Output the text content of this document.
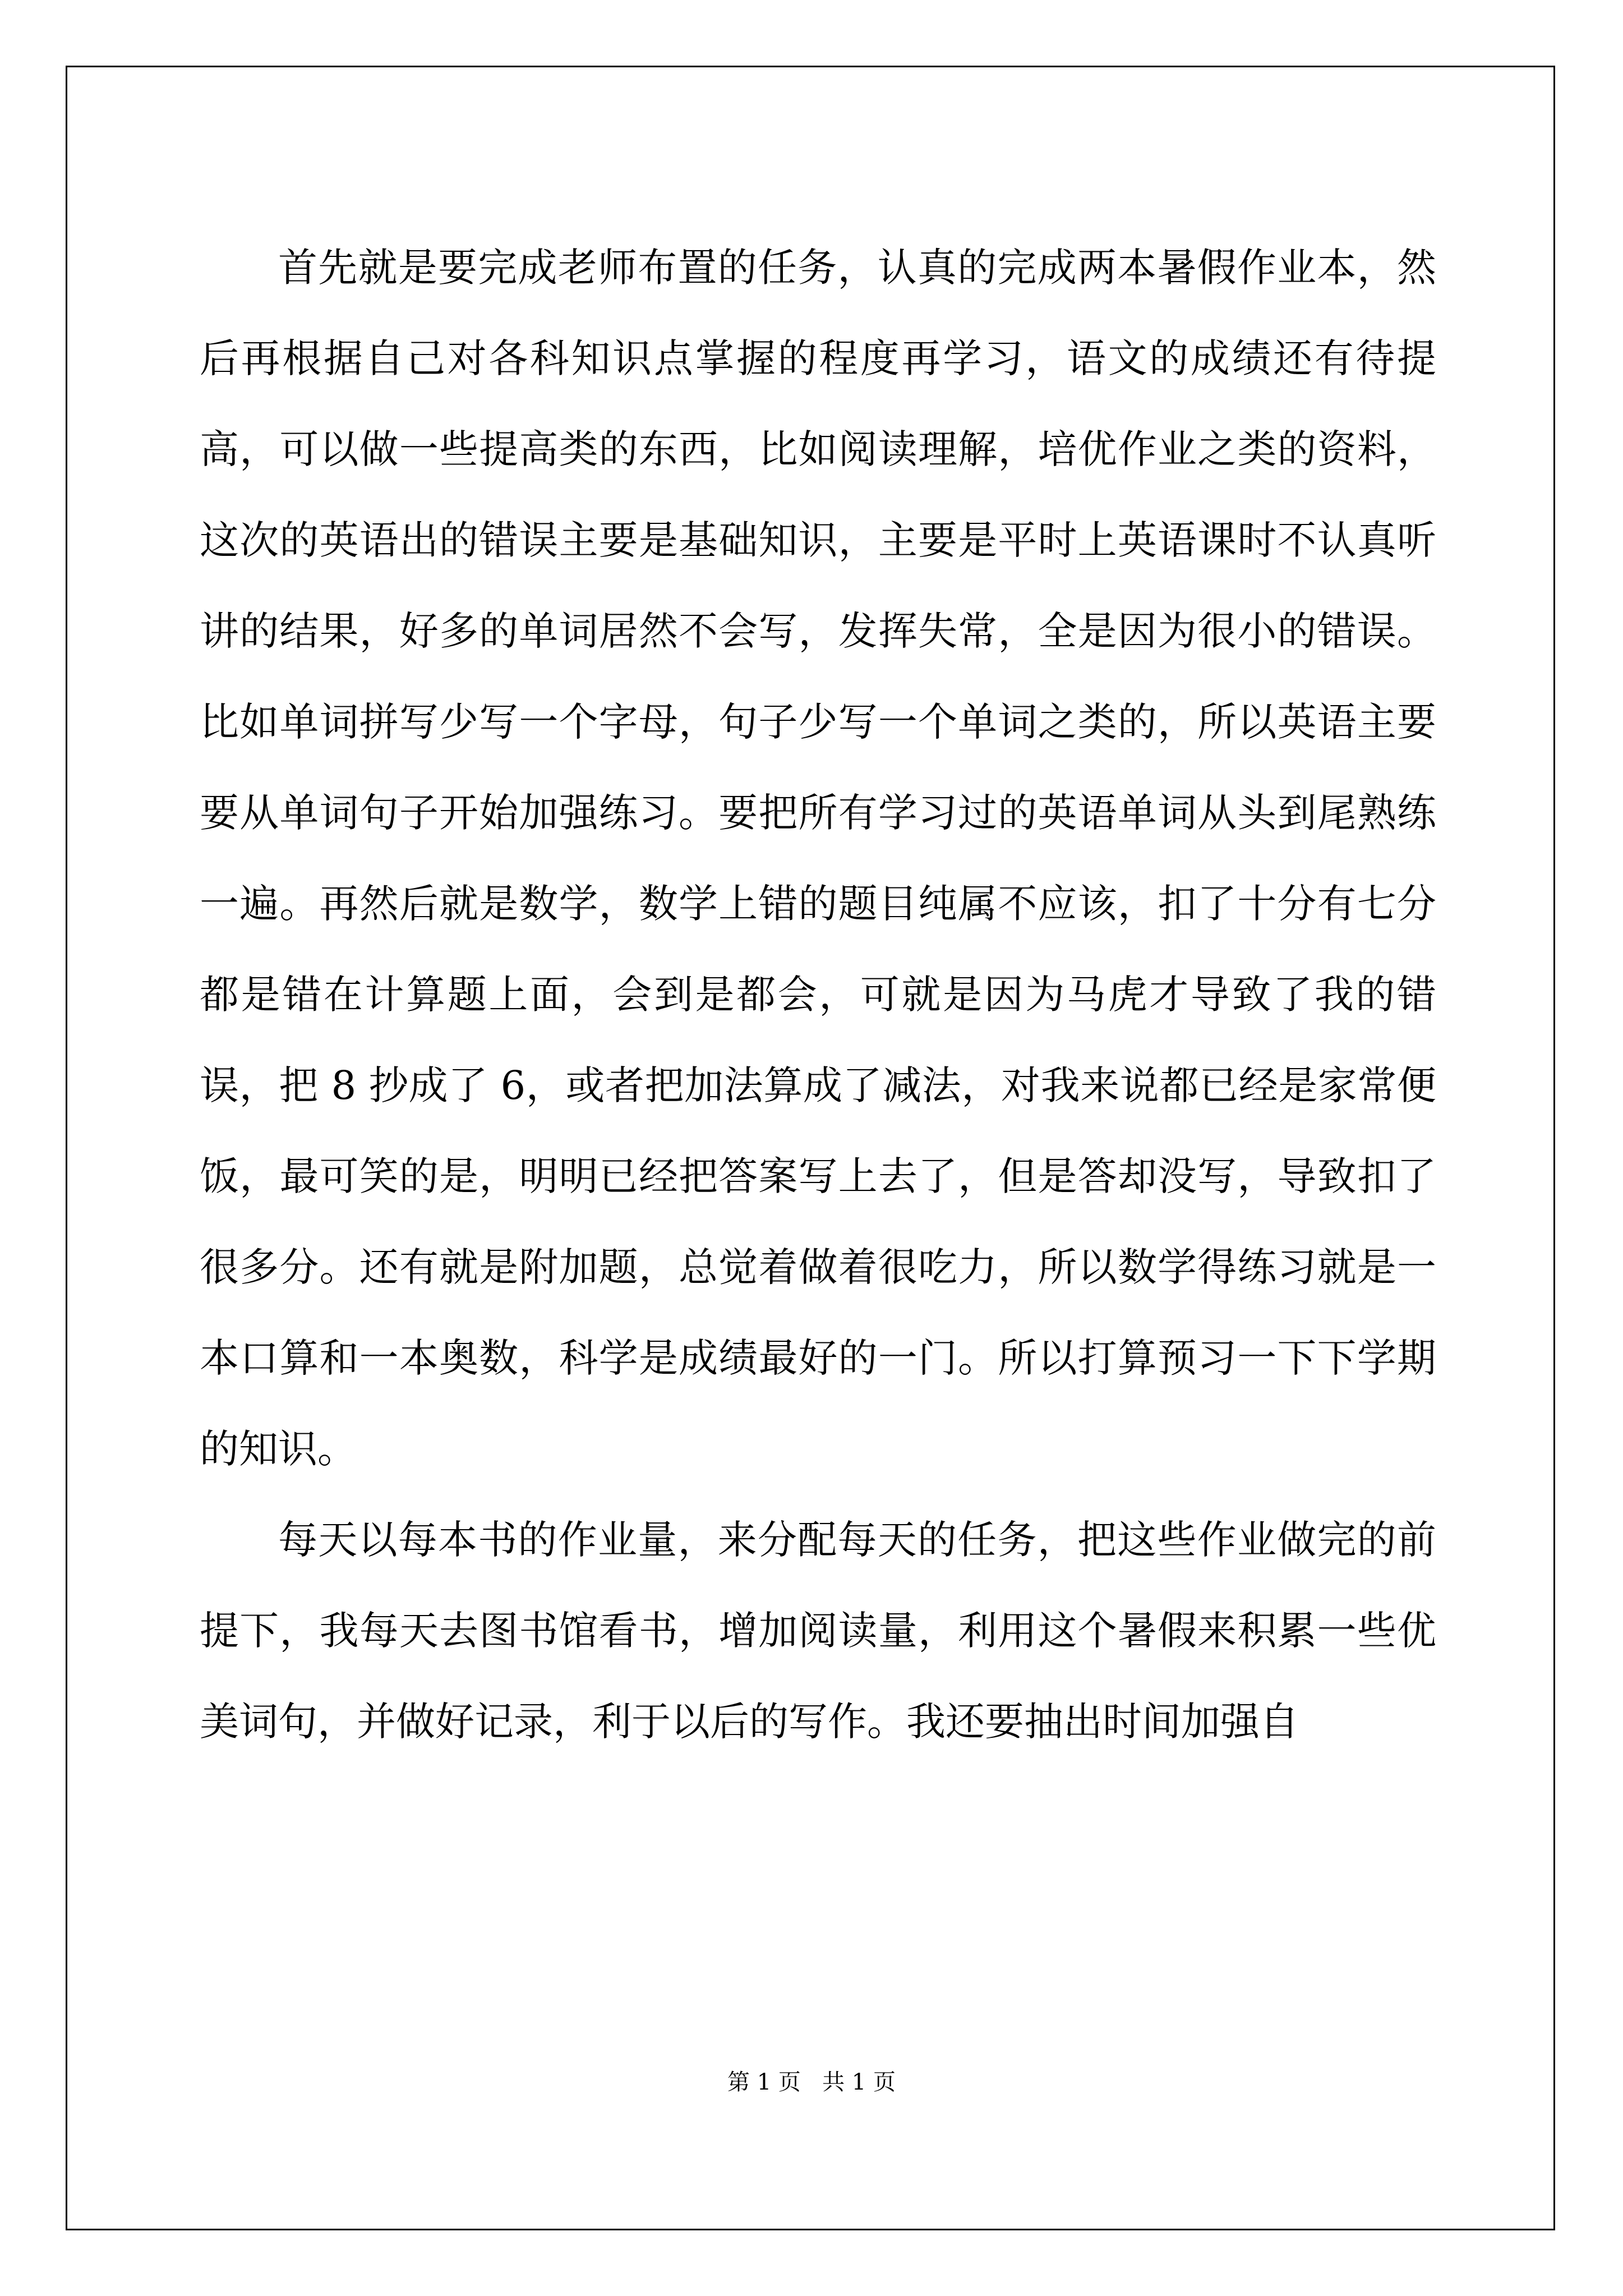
首先就是要完成老师布置的任务，认真的完成两本暑假作业本，然后再根据自己对各科知识点掌握的程度再学习，语文的成绩还有待提高，可以做一些提高类的东西，比如阅读理解，培优作业之类的资料，这次的英语出的错误主要是基础知识，主要是平时上英语课时不认真听讲的结果，好多的单词居然不会写，发挥失常，全是因为很小的错误。比如单词拼写少写一个字母，句子少写一个单词之类的，所以英语主要要从单词句子开始加强练习。要把所有学习过的英语单词从头到尾熟练一遍。再然后就是数学，数学上错的题目纯属不应该，扣了十分有七分都是错在计算题上面，会到是都会，可就是因为马虎才导致了我的错误，把 8 抄成了 6，或者把加法算成了减法，对我来说都已经是家常便饭，最可笑的是，明明已经把答案写上去了，但是答却没写，导致扣了很多分。还有就是附加题，总觉着做着很吃力，所以数学得练习就是一本口算和一本奥数，科学是成绩最好的一门。所以打算预习一下下学期的知识。

每天以每本书的作业量，来分配每天的任务，把这些作业做完的前提下，我每天去图书馆看书，增加阅读量，利用这个暑假来积累一些优美词句，并做好记录，利于以后的写作。我还要抽出时间加强自

第 1 页   共 1 页
